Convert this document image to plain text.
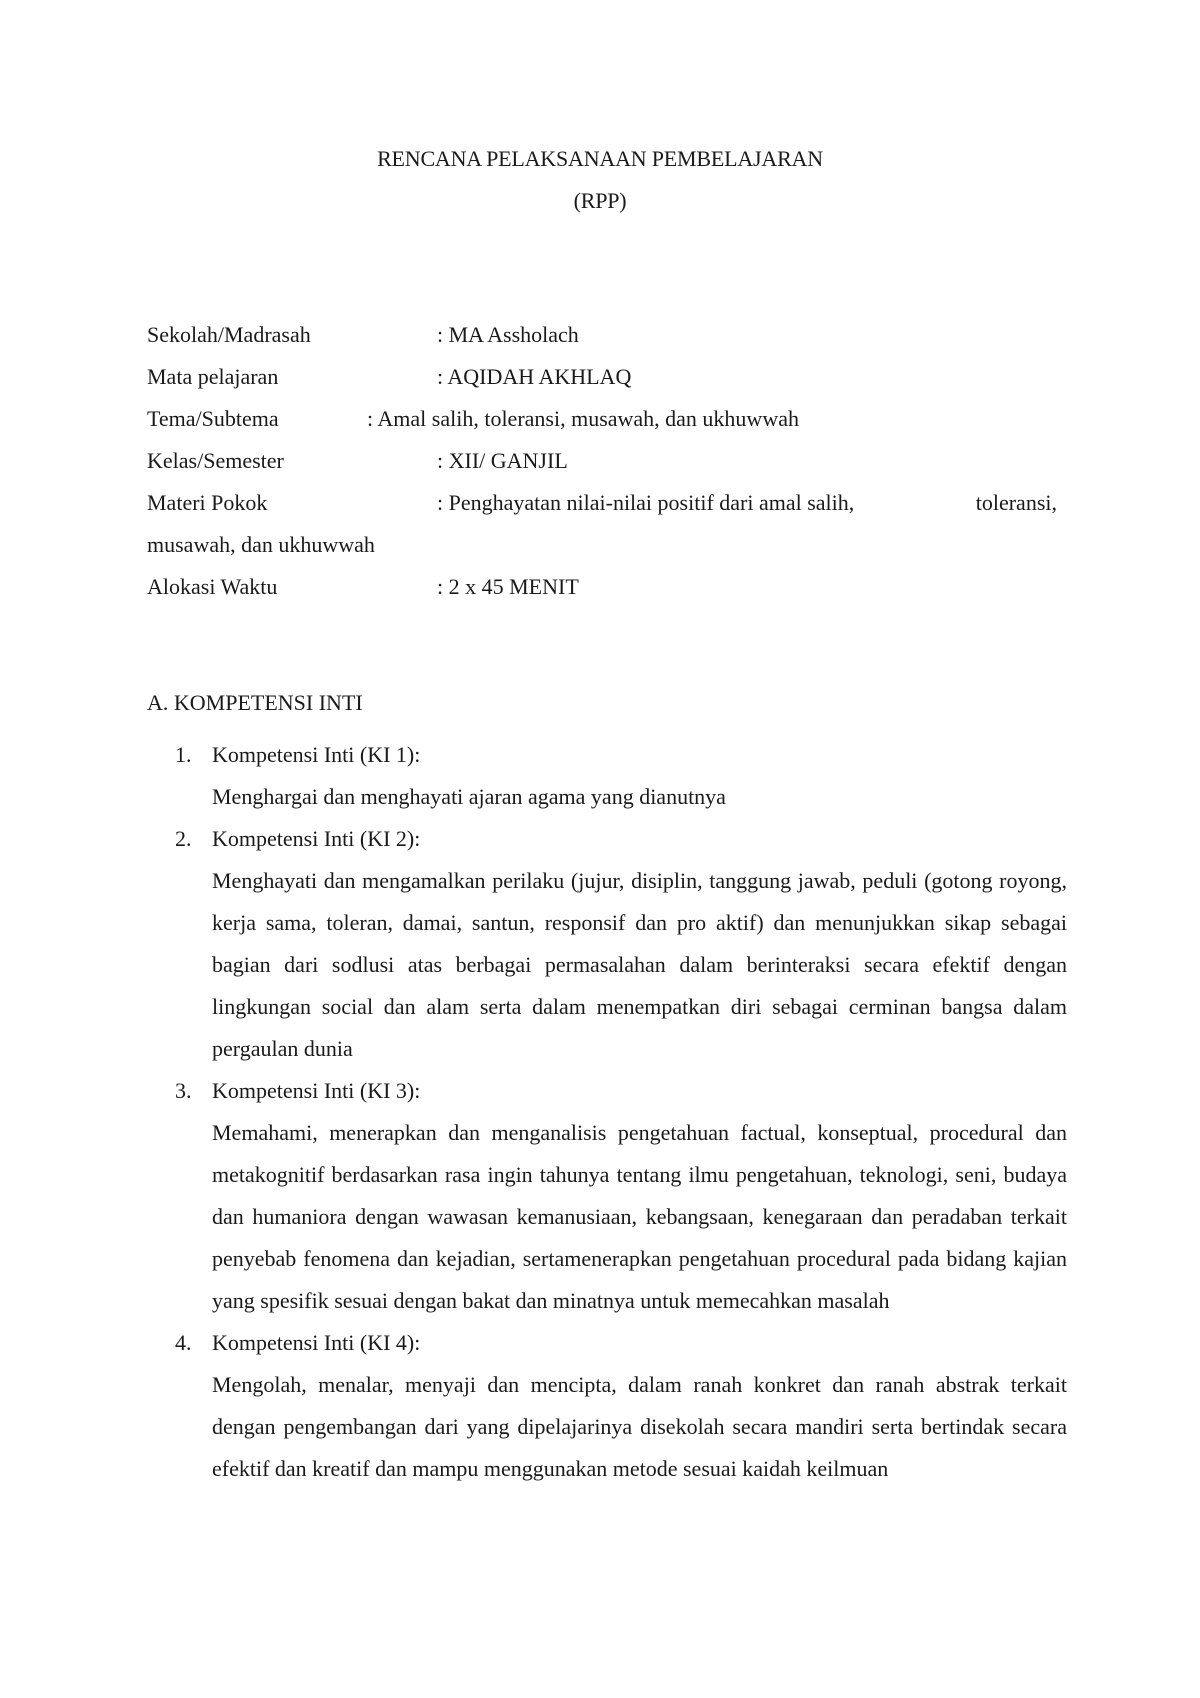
RENCANA PELAKSANAAN PEMBELAJARAN
(RPP)
Sekolah/Madrasah	: MA Assholach
Mata pelajaran	: AQIDAH AKHLAQ
Tema/Subtema	: Amal salih, toleransi, musawah, dan ukhuwwah
Kelas/Semester	: XII/ GANJIL
Materi Pokok	: Penghayatan nilai-nilai positif dari amal salih,	toleransi,
musawah, dan ukhuwwah
Alokasi Waktu	: 2 x 45 MENIT
A. KOMPETENSI INTI
1. Kompetensi Inti (KI 1):
Menghargai dan menghayati ajaran agama yang dianutnya
2. Kompetensi Inti (KI 2):
Menghayati dan mengamalkan perilaku (jujur, disiplin, tanggung jawab, peduli (gotong royong, kerja sama, toleran, damai, santun, responsif dan pro aktif) dan menunjukkan sikap sebagai bagian dari sodlusi atas berbagai permasalahan dalam berinteraksi secara efektif dengan lingkungan social dan alam serta dalam menempatkan diri sebagai cerminan bangsa dalam pergaulan dunia
3. Kompetensi Inti (KI 3):
Memahami, menerapkan dan menganalisis pengetahuan factual, konseptual, procedural dan metakognitif berdasarkan rasa ingin tahunya tentang ilmu pengetahuan, teknologi, seni, budaya dan humaniora dengan wawasan kemanusiaan, kebangsaan, kenegaraan dan peradaban terkait penyebab fenomena dan kejadian, sertamenerapkan pengetahuan procedural pada bidang kajian yang spesifik sesuai dengan bakat dan minatnya untuk memecahkan masalah
4. Kompetensi Inti (KI 4):
Mengolah, menalar, menyaji dan mencipta, dalam ranah konkret dan ranah abstrak terkait dengan pengembangan dari yang dipelajarinya disekolah secara mandiri serta bertindak secara efektif dan kreatif dan mampu menggunakan metode sesuai kaidah keilmuan
